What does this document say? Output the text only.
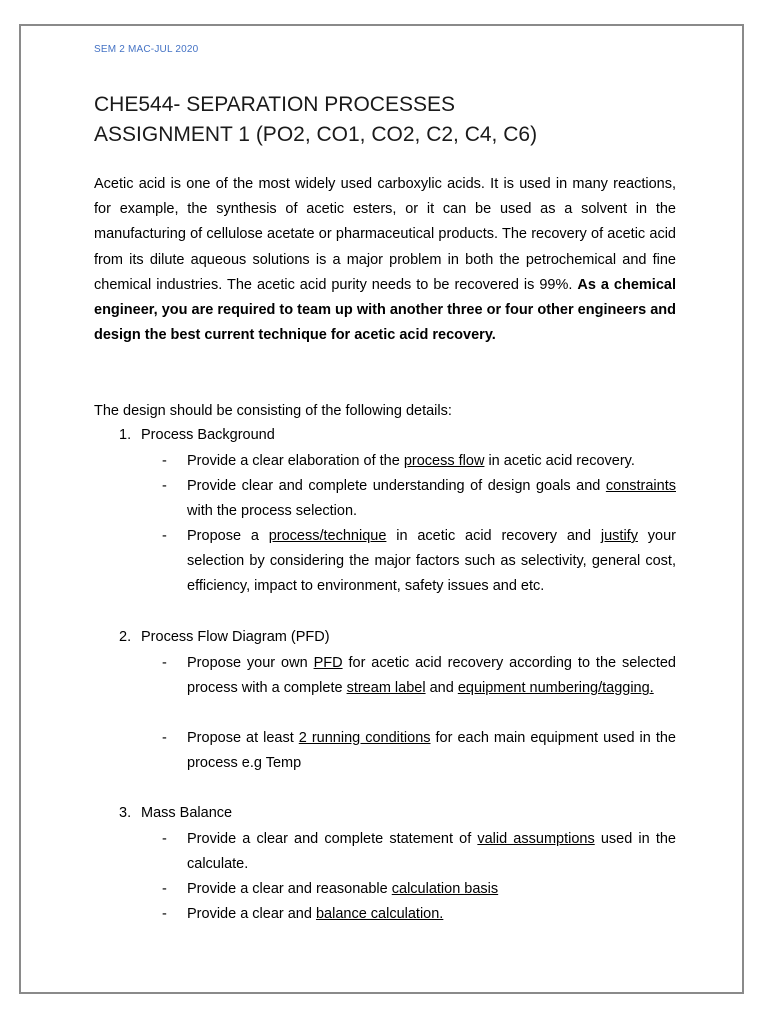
SEM 2 MAC-JUL 2020
CHE544- SEPARATION PROCESSES
ASSIGNMENT 1 (PO2, CO1, CO2, C2, C4, C6)
Acetic acid is one of the most widely used carboxylic acids. It is used in many reactions, for example, the synthesis of acetic esters, or it can be used as a solvent in the manufacturing of cellulose acetate or pharmaceutical products. The recovery of acetic acid from its dilute aqueous solutions is a major problem in both the petrochemical and fine chemical industries. The acetic acid purity needs to be recovered is 99%. As a chemical engineer, you are required to team up with another three or four other engineers and design the best current technique for acetic acid recovery.
The design should be consisting of the following details:
1. Process Background
- Provide a clear elaboration of the process flow in acetic acid recovery.
- Provide clear and complete understanding of design goals and constraints with the process selection.
- Propose a process/technique in acetic acid recovery and justify your selection by considering the major factors such as selectivity, general cost, efficiency, impact to environment, safety issues and etc.
2. Process Flow Diagram (PFD)
- Propose your own PFD for acetic acid recovery according to the selected process with a complete stream label and equipment numbering/tagging.
- Propose at least 2 running conditions for each main equipment used in the process e.g Temp
3. Mass Balance
- Provide a clear and complete statement of valid assumptions used in the calculate.
- Provide a clear and reasonable calculation basis
- Provide a clear and balance calculation.
